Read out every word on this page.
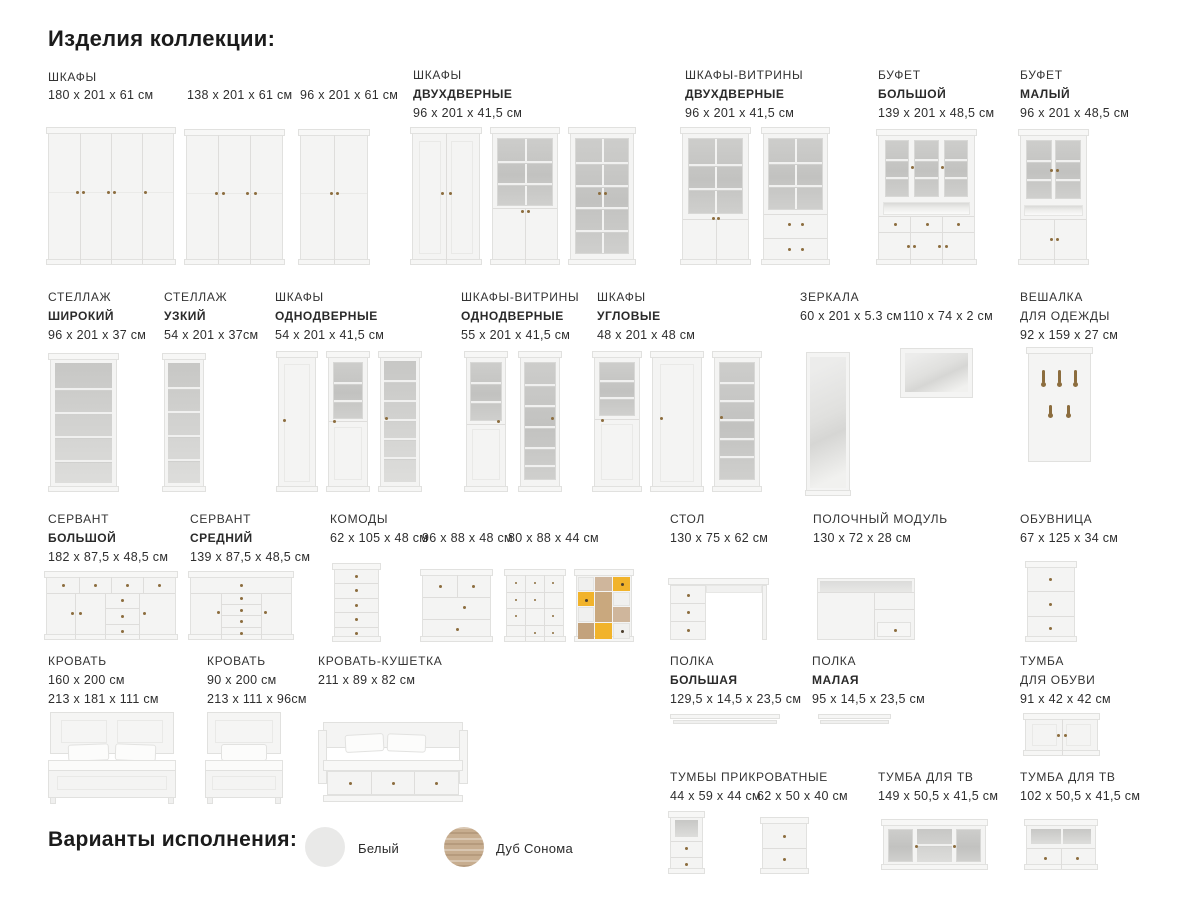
Изделия коллекции:
ШКАФЫ
180 x 201 x 61 см	138 x 201 x 61 см 96 x 201 x 61 см
ШКАФЫ
ДВУХДВЕРНЫЕ
96 x 201 x 41,5 см
ШКАФЫ-ВИТРИНЫ
ДВУХДВЕРНЫЕ
96 x 201 x 41,5 см
БУФЕТ
БОЛЬШОЙ
139 x 201 x 48,5 см
БУФЕТ
МАЛЫЙ
96 x 201 x 48,5 см
СТЕЛЛАЖ
ШИРОКИЙ
96 x 201 x 37 см
СТЕЛЛАЖ
УЗКИЙ
54 x 201 x 37см
ШКАФЫ
ОДНОДВЕРНЫЕ
54 x 201 x 41,5 см
ШКАФЫ-ВИТРИНЫ
ОДНОДВЕРНЫЕ
55 x 201 x 41,5 см
ШКАФЫ
УГЛОВЫЕ
48 x 201 x 48 см
ЗЕРКАЛА
60 x 201 x 5.3 см 110 x 74 x 2 см
ВЕШАЛКА
ДЛЯ ОДЕЖДЫ
92 x 159 x 27 см
СЕРВАНТ
БОЛЬШОЙ
182 x 87,5 x 48,5 см
СЕРВАНТ
СРЕДНИЙ
139 x 87,5 x 48,5 см
КОМОДЫ
62 x 105 x 48 см
96 x 88 x 48 см
80 x 88 x 44 см
СТОЛ
130 x 75 x 62 см
ПОЛОЧНЫЙ МОДУЛЬ
130 x 72 x 28 см
ОБУВНИЦА
67 x 125 x 34 см
КРОВАТЬ
160 x 200 см
213 x 181 x 111 см
КРОВАТЬ
90 x 200 см
213 x 111 x 96см
КРОВАТЬ-КУШЕТКА
211 x 89 x 82 см
ПОЛКА
БОЛЬШАЯ
129,5 x 14,5 x 23,5 см
ПОЛКА
МАЛАЯ
95 x 14,5 x 23,5 см
ТУМБА
ДЛЯ ОБУВИ
91 x 42 x 42 см
ТУМБЫ ПРИКРОВАТНЫЕ
44 x 59 x 44 см
62 x 50 x 40 см
ТУМБА ДЛЯ ТВ
149 x 50,5 x 41,5 см
ТУМБА ДЛЯ ТВ
102 x 50,5 x 41,5 см
Варианты исполнения:	Белый	Дуб Сонома
